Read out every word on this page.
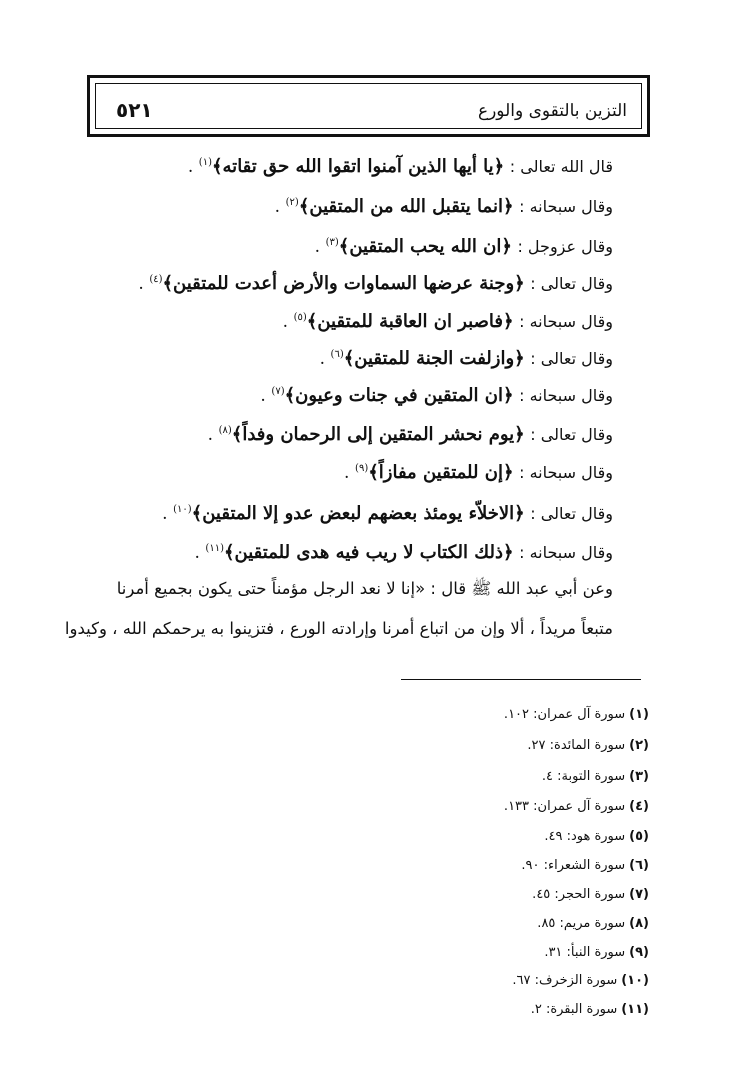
التزين بالتقوى والورع
٥٢١
قال الله تعالى : ﴿يا أيها الذين آمنوا اتقوا الله حق تقاته﴾$^{(١)}$ .
وقال سبحانه : ﴿انما يتقبل الله من المتقين﴾$^{(٢)}$ .
وقال عزوجل : ﴿ان الله يحب المتقين﴾$^{(٣)}$ .
وقال تعالى : ﴿وجنة عرضها السماوات والأرض أعدت للمتقين﴾$^{(٤)}$ .
وقال سبحانه : ﴿فاصبر ان العاقبة للمتقين﴾$^{(٥)}$ .
وقال تعالى : ﴿وازلفت الجنة للمتقين﴾$^{(٦)}$ .
وقال سبحانه : ﴿ان المتقين في جنات وعيون﴾$^{(٧)}$ .
وقال تعالى : ﴿يوم نحشر المتقين إلى الرحمان وفداً﴾$^{(٨)}$ .
وقال سبحانه : ﴿إن للمتقين مفازاً﴾$^{(٩)}$ .
وقال تعالى : ﴿الاخلاّء يومئذ بعضهم لبعض عدو إلا المتقين﴾$^{(١٠)}$ .
وقال سبحانه : ﴿ذلك الكتاب لا ريب فيه هدى للمتقين﴾$^{(١١)}$ .
وعن أبي عبد الله ﷺ قال : «إنا لا نعد الرجل مؤمناً حتى يكون بجميع أمرنا
متبعاً مريداً ، ألا وإن من اتباع أمرنا وإرادته الورع ، فتزينوا به يرحمكم الله ، وكيدوا
(١)سورة آل عمران: ١٠٢.
(٢)سورة المائدة: ٢٧.
(٣)سورة التوبة: ٤.
(٤)سورة آل عمران: ١٣٣.
(٥)سورة هود: ٤٩.
(٦)سورة الشعراء: ٩٠.
(٧)سورة الحجر: ٤٥.
(٨)سورة مريم: ٨٥.
(٩)سورة النبأ: ٣١.
(١٠)سورة الزخرف: ٦٧.
(١١)سورة البقرة: ٢.
